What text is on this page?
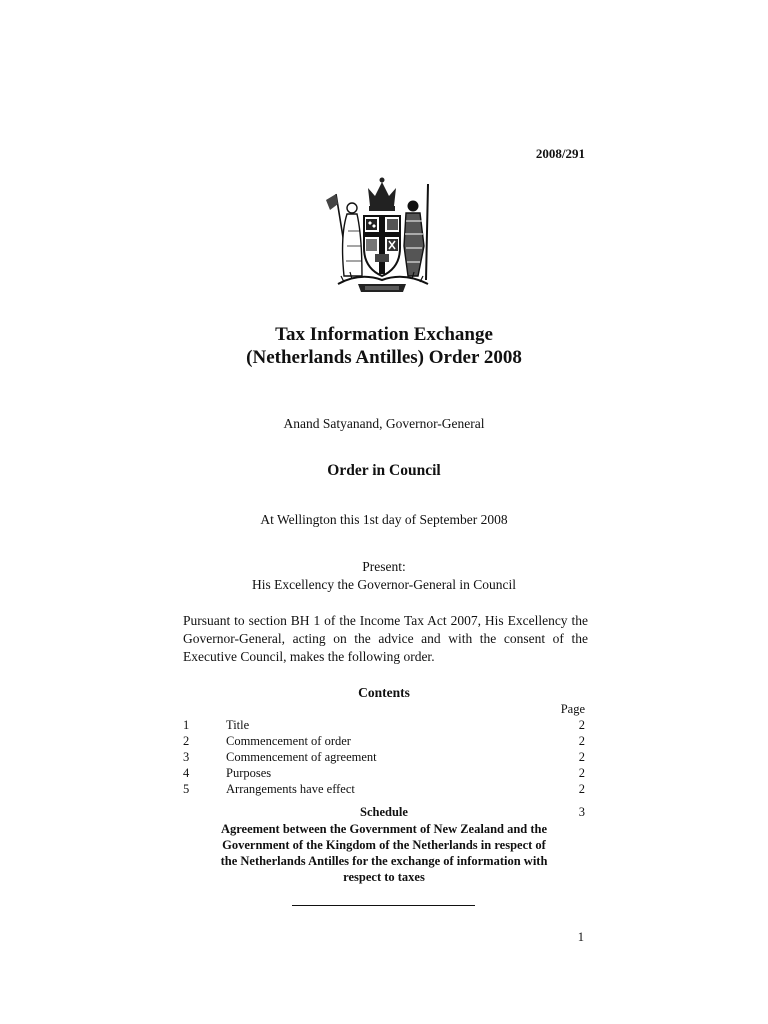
2008/291
Tax Information Exchange
(Netherlands Antilles) Order 2008
Anand Satyanand, Governor-General
Order in Council
At Wellington this 1st day of September 2008
Present:
His Excellency the Governor-General in Council
Pursuant to section BH 1 of the Income Tax Act 2007, His Excellency the Governor-General, acting on the advice and with the consent of the Executive Council, makes the following order.
Contents
Page
1	Title	2
2	Commencement of order	2
3	Commencement of agreement	2
4	Purposes	2
5	Arrangements have effect	2
Schedule	3
Agreement between the Government of New Zealand and the Government of the Kingdom of the Netherlands in respect of the Netherlands Antilles for the exchange of information with respect to taxes
1
